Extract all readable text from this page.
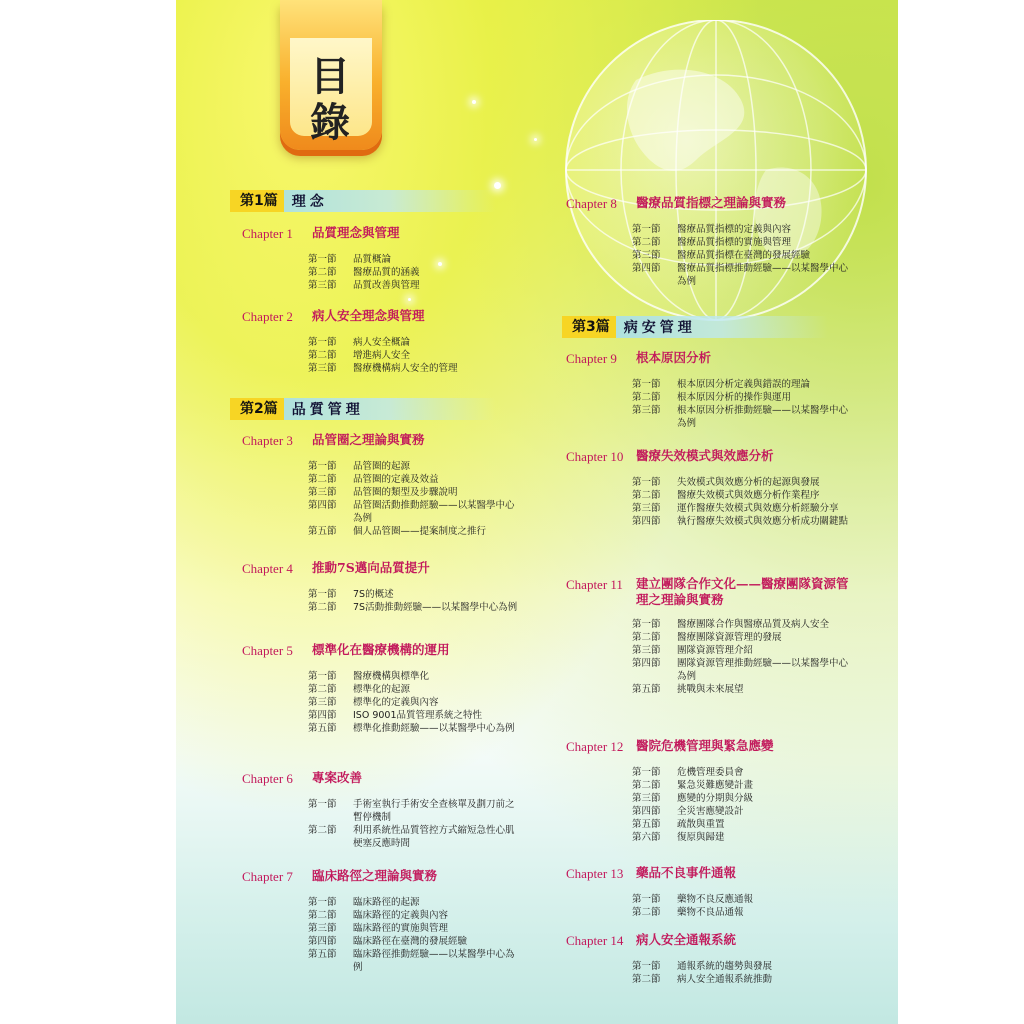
目錄
第1篇	理念
Chapter 1	品質理念與管理
第一節	品質概論
第二節	醫療品質的涵義
第三節	品質改善與管理
Chapter 2	病人安全理念與管理
第一節	病人安全概論
第二節	增進病人安全
第三節	醫療機構病人安全的管理
第2篇	品質管理
Chapter 3	品管圈之理論與實務
第一節	品管圈的起源
第二節	品管圈的定義及效益
第三節	品管圈的類型及步驟說明
第四節	品管圈活動推動經驗——以某醫學中心為例
第五節	個人品管圈——提案制度之推行
Chapter 4	推動7S邁向品質提升
第一節	7S的概述
第二節	7S活動推動經驗——以某醫學中心為例
Chapter 5	標準化在醫療機構的運用
第一節	醫療機構與標準化
第二節	標準化的起源
第三節	標準化的定義與內容
第四節	ISO 9001品質管理系統之特性
第五節	標準化推動經驗——以某醫學中心為例
Chapter 6	專案改善
第一節	手術室執行手術安全查核單及劃刀前之暫停機制
第二節	利用系統性品質管控方式縮短急性心肌梗塞反應時間
Chapter 7	臨床路徑之理論與實務
第一節	臨床路徑的起源
第二節	臨床路徑的定義與內容
第三節	臨床路徑的實施與管理
第四節	臨床路徑在臺灣的發展經驗
第五節	臨床路徑推動經驗——以某醫學中心為例
Chapter 8	醫療品質指標之理論與實務
第一節	醫療品質指標的定義與內容
第二節	醫療品質指標的實施與管理
第三節	醫療品質指標在臺灣的發展經驗
第四節	醫療品質指標推動經驗——以某醫學中心為例
第3篇	病安管理
Chapter 9	根本原因分析
第一節	根本原因分析定義與錯誤的理論
第二節	根本原因分析的操作與運用
第三節	根本原因分析推動經驗——以某醫學中心為例
Chapter 10	醫療失效模式與效應分析
第一節	失效模式與效應分析的起源與發展
第二節	醫療失效模式與效應分析作業程序
第三節	運作醫療失效模式與效應分析經驗分享
第四節	執行醫療失效模式與效應分析成功關鍵點
Chapter 11	建立團隊合作文化——醫療團隊資源管理之理論與實務
第一節	醫療團隊合作與醫療品質及病人安全
第二節	醫療團隊資源管理的發展
第三節	團隊資源管理介紹
第四節	團隊資源管理推動經驗——以某醫學中心為例
第五節	挑戰與未來展望
Chapter 12	醫院危機管理與緊急應變
第一節	危機管理委員會
第二節	緊急災難應變計畫
第三節	應變的分期與分級
第四節	全災害應變設計
第五節	疏散與重置
第六節	復原與歸建
Chapter 13	藥品不良事件通報
第一節	藥物不良反應通報
第二節	藥物不良品通報
Chapter 14	病人安全通報系統
第一節	通報系統的趨勢與發展
第二節	病人安全通報系統推動
